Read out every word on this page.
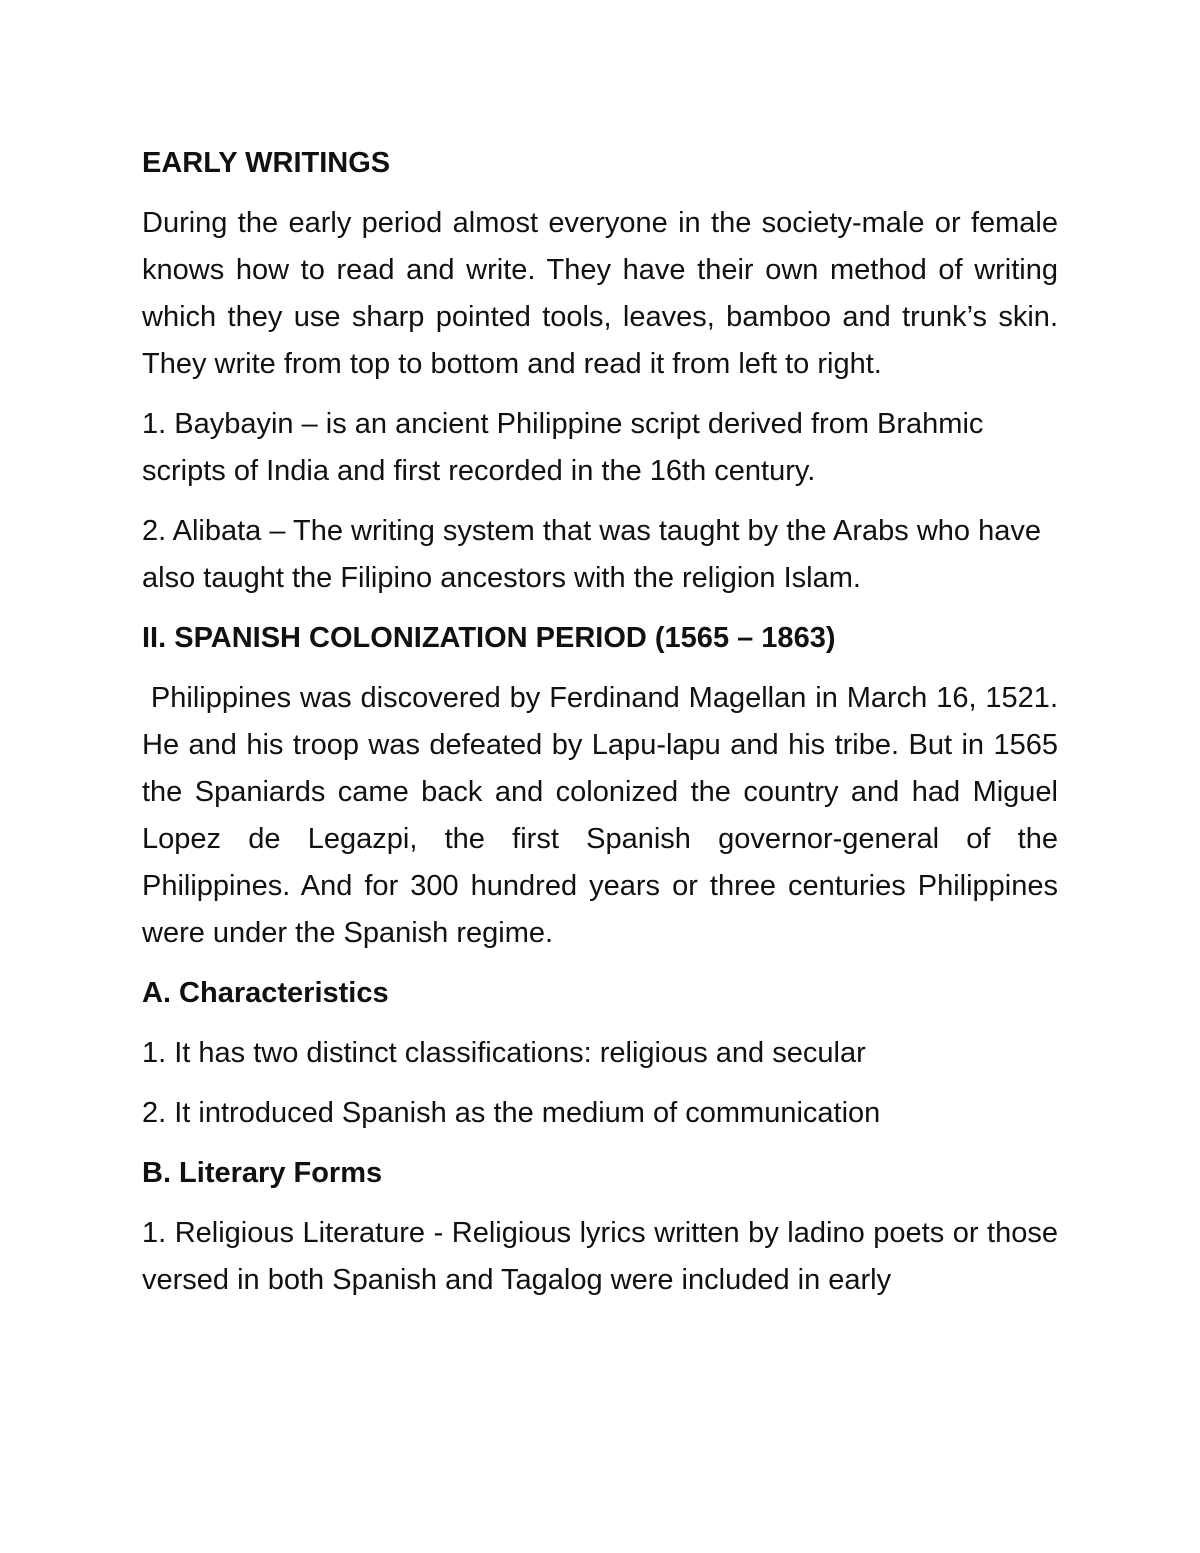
EARLY WRITINGS
During the early period almost everyone in the society-male or female knows how to read and write. They have their own method of writing which they use sharp pointed tools, leaves, bamboo and trunk’s skin. They write from top to bottom and read it from left to right.
1. Baybayin – is an ancient Philippine script derived from Brahmic scripts of India and first recorded in the 16th century.
2. Alibata – The writing system that was taught by the Arabs who have also taught the Filipino ancestors with the religion Islam.
II. SPANISH COLONIZATION PERIOD (1565 – 1863)
Philippines was discovered by Ferdinand Magellan in March 16, 1521. He and his troop was defeated by Lapu-lapu and his tribe. But in 1565 the Spaniards came back and colonized the country and had Miguel Lopez de Legazpi, the first Spanish governor-general of the Philippines. And for 300 hundred years or three centuries Philippines were under the Spanish regime.
A. Characteristics
1. It has two distinct classifications: religious and secular
2. It introduced Spanish as the medium of communication
B. Literary Forms
1. Religious Literature - Religious lyrics written by ladino poets or those versed in both Spanish and Tagalog were included in early
